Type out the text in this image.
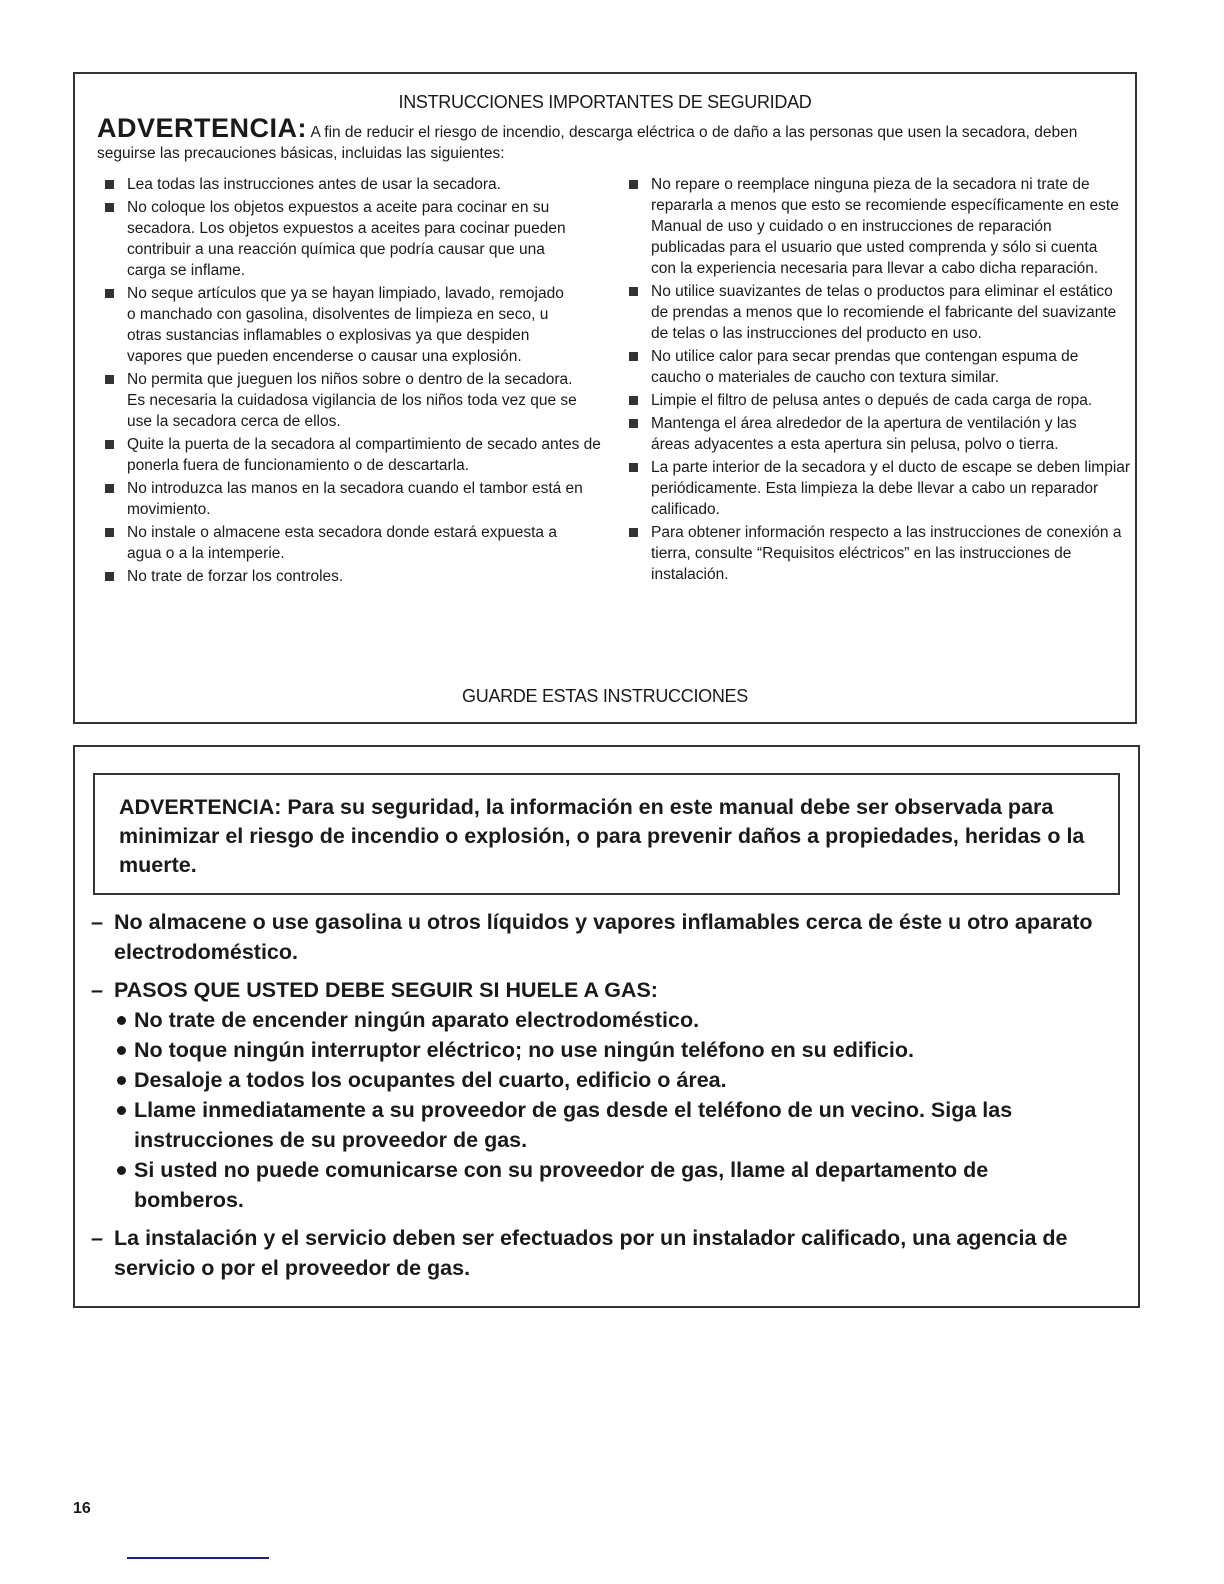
INSTRUCCIONES IMPORTANTES DE SEGURIDAD
ADVERTENCIA: A fin de reducir el riesgo de incendio, descarga eléctrica o de daño a las personas que usen la secadora, deben seguirse las precauciones básicas, incluidas las siguientes:
Lea todas las instrucciones antes de usar la secadora.
No coloque los objetos expuestos a aceite para cocinar en su secadora. Los objetos expuestos a aceites para cocinar pueden contribuir a una reacción química que podría causar que una carga se inflame.
No seque artículos que ya se hayan limpiado, lavado, remojado o manchado con gasolina, disolventes de limpieza en seco, u otras sustancias inflamables o explosivas ya que despiden vapores que pueden encenderse o causar una explosión.
No permita que jueguen los niños sobre o dentro de la secadora. Es necesaria la cuidadosa vigilancia de los niños toda vez que se use la secadora cerca de ellos.
Quite la puerta de la secadora al compartimiento de secado antes de ponerla fuera de funcionamiento o de descartarla.
No introduzca las manos en la secadora cuando el tambor está en movimiento.
No instale o almacene esta secadora donde estará expuesta a agua o a la intemperie.
No trate de forzar los controles.
No repare o reemplace ninguna pieza de la secadora ni trate de repararla a menos que esto se recomiende específicamente en este Manual de uso y cuidado o en instrucciones de reparación publicadas para el usuario que usted comprenda y sólo si cuenta con la experiencia necesaria para llevar a cabo dicha reparación.
No utilice suavizantes de telas o productos para eliminar el estático de prendas a menos que lo recomiende el fabricante del suavizante de telas o las instrucciones del producto en uso.
No utilice calor para secar prendas que contengan espuma de caucho o materiales de caucho con textura similar.
Limpie el filtro de pelusa antes o depués de cada carga de ropa.
Mantenga el área alrededor de la apertura de ventilación y las áreas adyacentes a esta apertura sin pelusa, polvo o tierra.
La parte interior de la secadora y el ducto de escape se deben limpiar periódicamente. Esta limpieza la debe llevar a cabo un reparador calificado.
Para obtener información respecto a las instrucciones de conexión a tierra, consulte “Requisitos eléctricos” en las instrucciones de instalación.
GUARDE ESTAS INSTRUCCIONES
ADVERTENCIA: Para su seguridad, la información en este manual debe ser observada para minimizar el riesgo de incendio o explosión, o para prevenir daños a propiedades, heridas o la muerte.
– No almacene o use gasolina u otros líquidos y vapores inflamables cerca de éste u otro aparato electrodoméstico.
– PASOS QUE USTED DEBE SEGUIR SI HUELE A GAS:
No trate de encender ningún aparato electrodoméstico.
No toque ningún interruptor eléctrico; no use ningún teléfono en su edificio.
Desaloje a todos los ocupantes del cuarto, edificio o área.
Llame inmediatamente a su proveedor de gas desde el teléfono de un vecino. Siga las instrucciones de su proveedor de gas.
Si usted no puede comunicarse con su proveedor de gas, llame al departamento de bomberos.
– La instalación y el servicio deben ser efectuados por un instalador calificado, una agencia de servicio o por el proveedor de gas.
16
